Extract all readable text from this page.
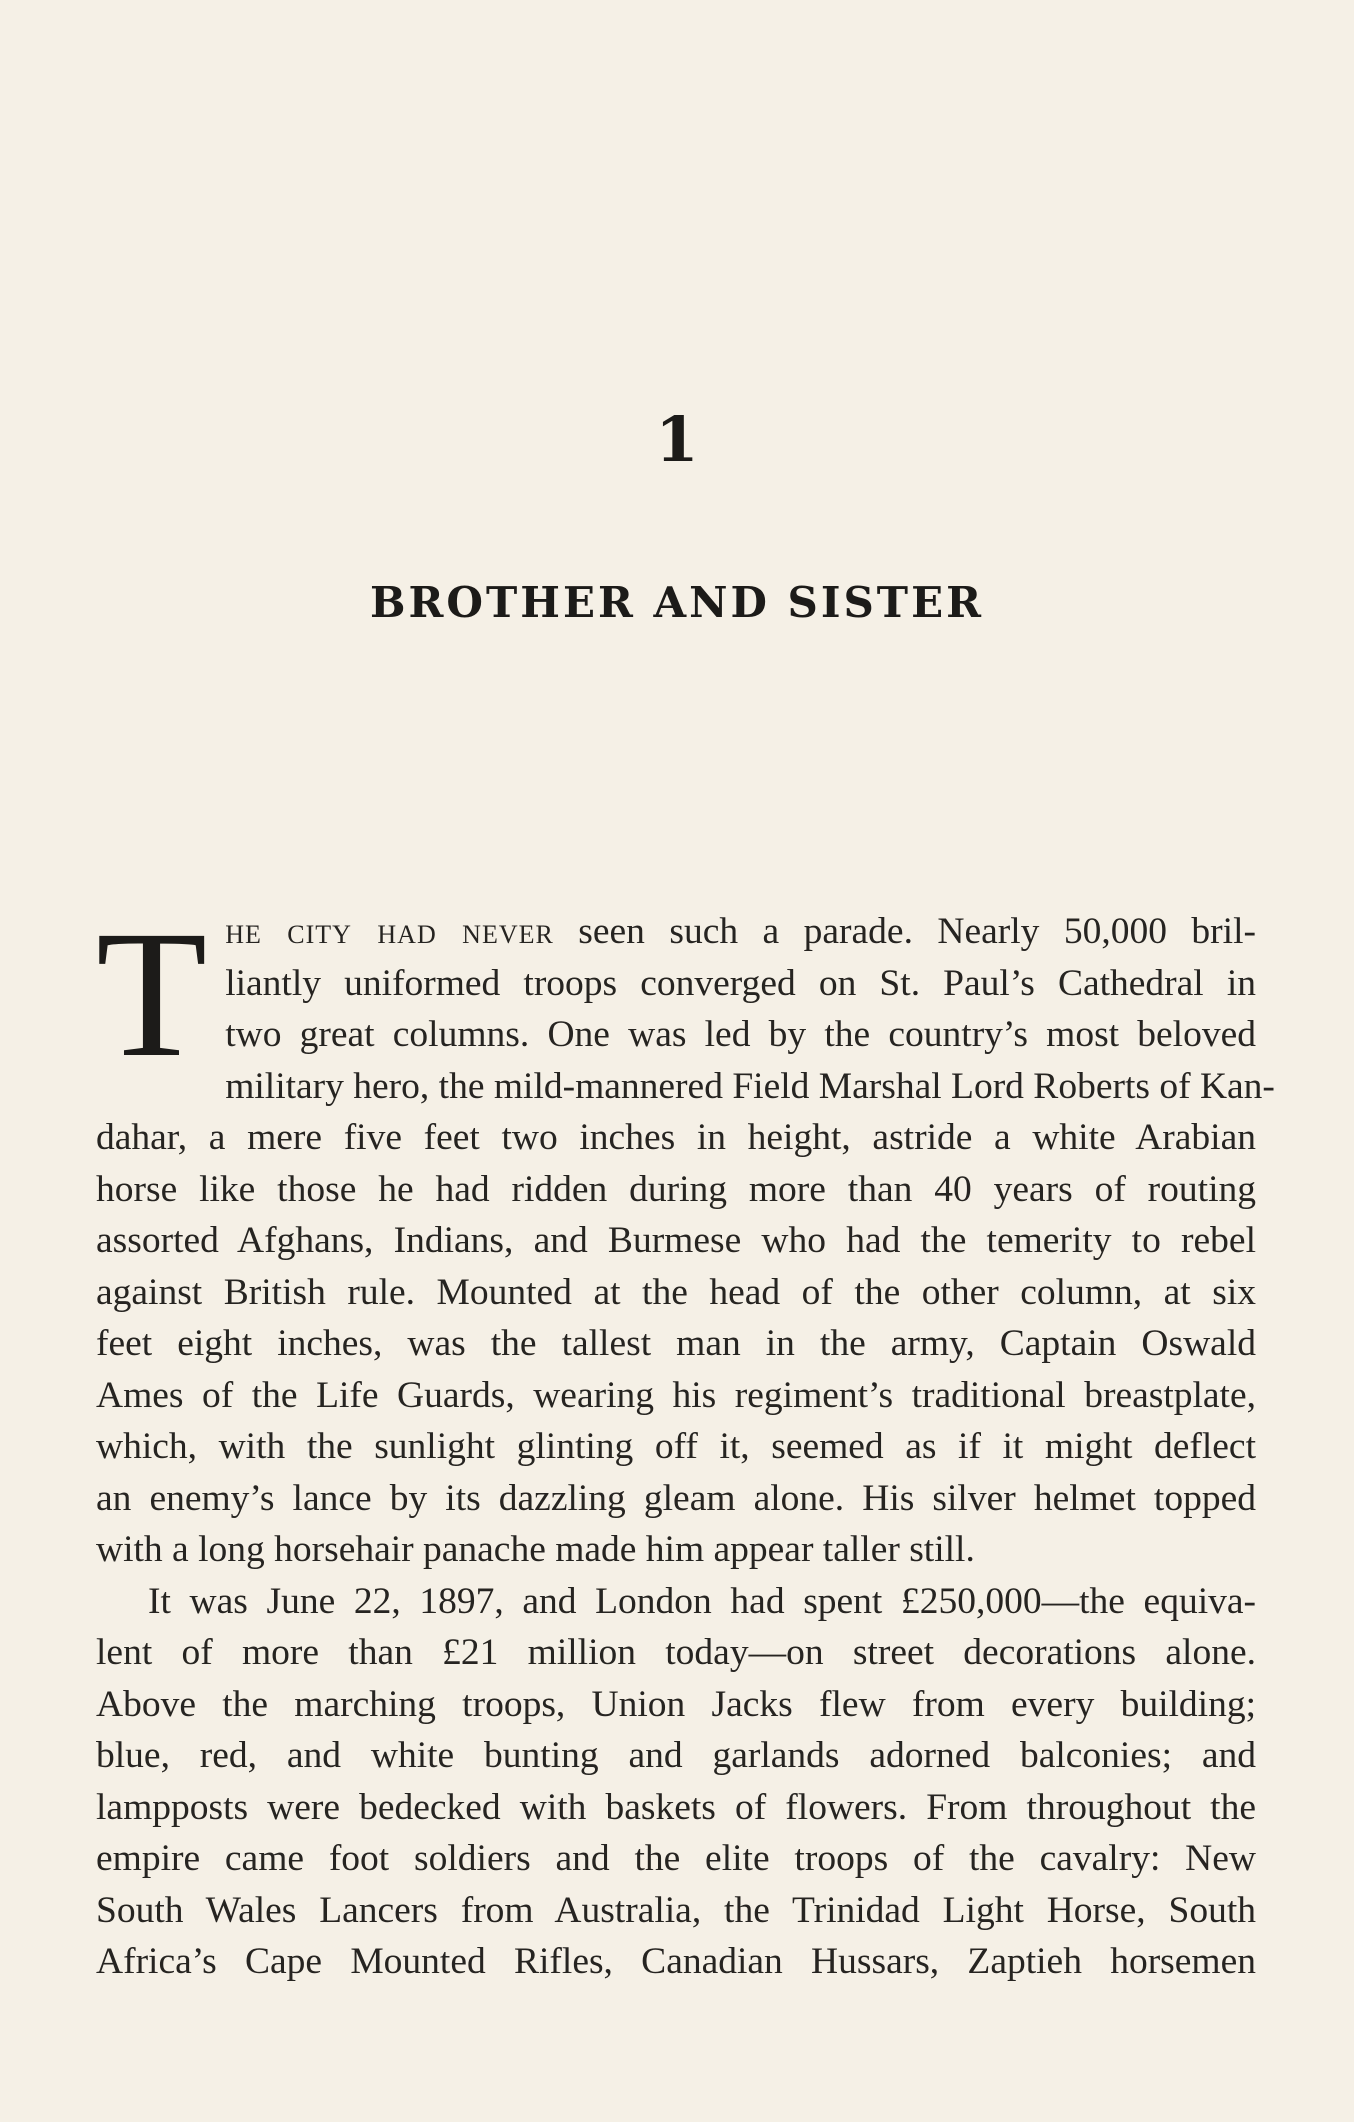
1
BROTHER AND SISTER
T he city had never seen such a parade. Nearly 50,000 bril-
liantly uniformed troops converged on St. Paul’s Cathedral in
two great columns. One was led by the country’s most beloved
military hero, the mild-mannered Field Marshal Lord Roberts of Kan-
dahar, a mere five feet two inches in height, astride a white Arabian
horse like those he had ridden during more than 40 years of routing
assorted Afghans, Indians, and Burmese who had the temerity to rebel
against British rule. Mounted at the head of the other column, at six
feet eight inches, was the tallest man in the army, Captain Oswald
Ames of the Life Guards, wearing his regiment’s traditional breastplate,
which, with the sunlight glinting off it, seemed as if it might deflect
an enemy’s lance by its dazzling gleam alone. His silver helmet topped
with a long horsehair panache made him appear taller still.
It was June 22, 1897, and London had spent £250,000—the equiva-
lent of more than £21 million today—on street decorations alone.
Above the marching troops, Union Jacks flew from every building;
blue, red, and white bunting and garlands adorned balconies; and
lampposts were bedecked with baskets of flowers. From throughout the
empire came foot soldiers and the elite troops of the cavalry: New
South Wales Lancers from Australia, the Trinidad Light Horse, South
Africa’s Cape Mounted Rifles, Canadian Hussars, Zaptieh horsemen
